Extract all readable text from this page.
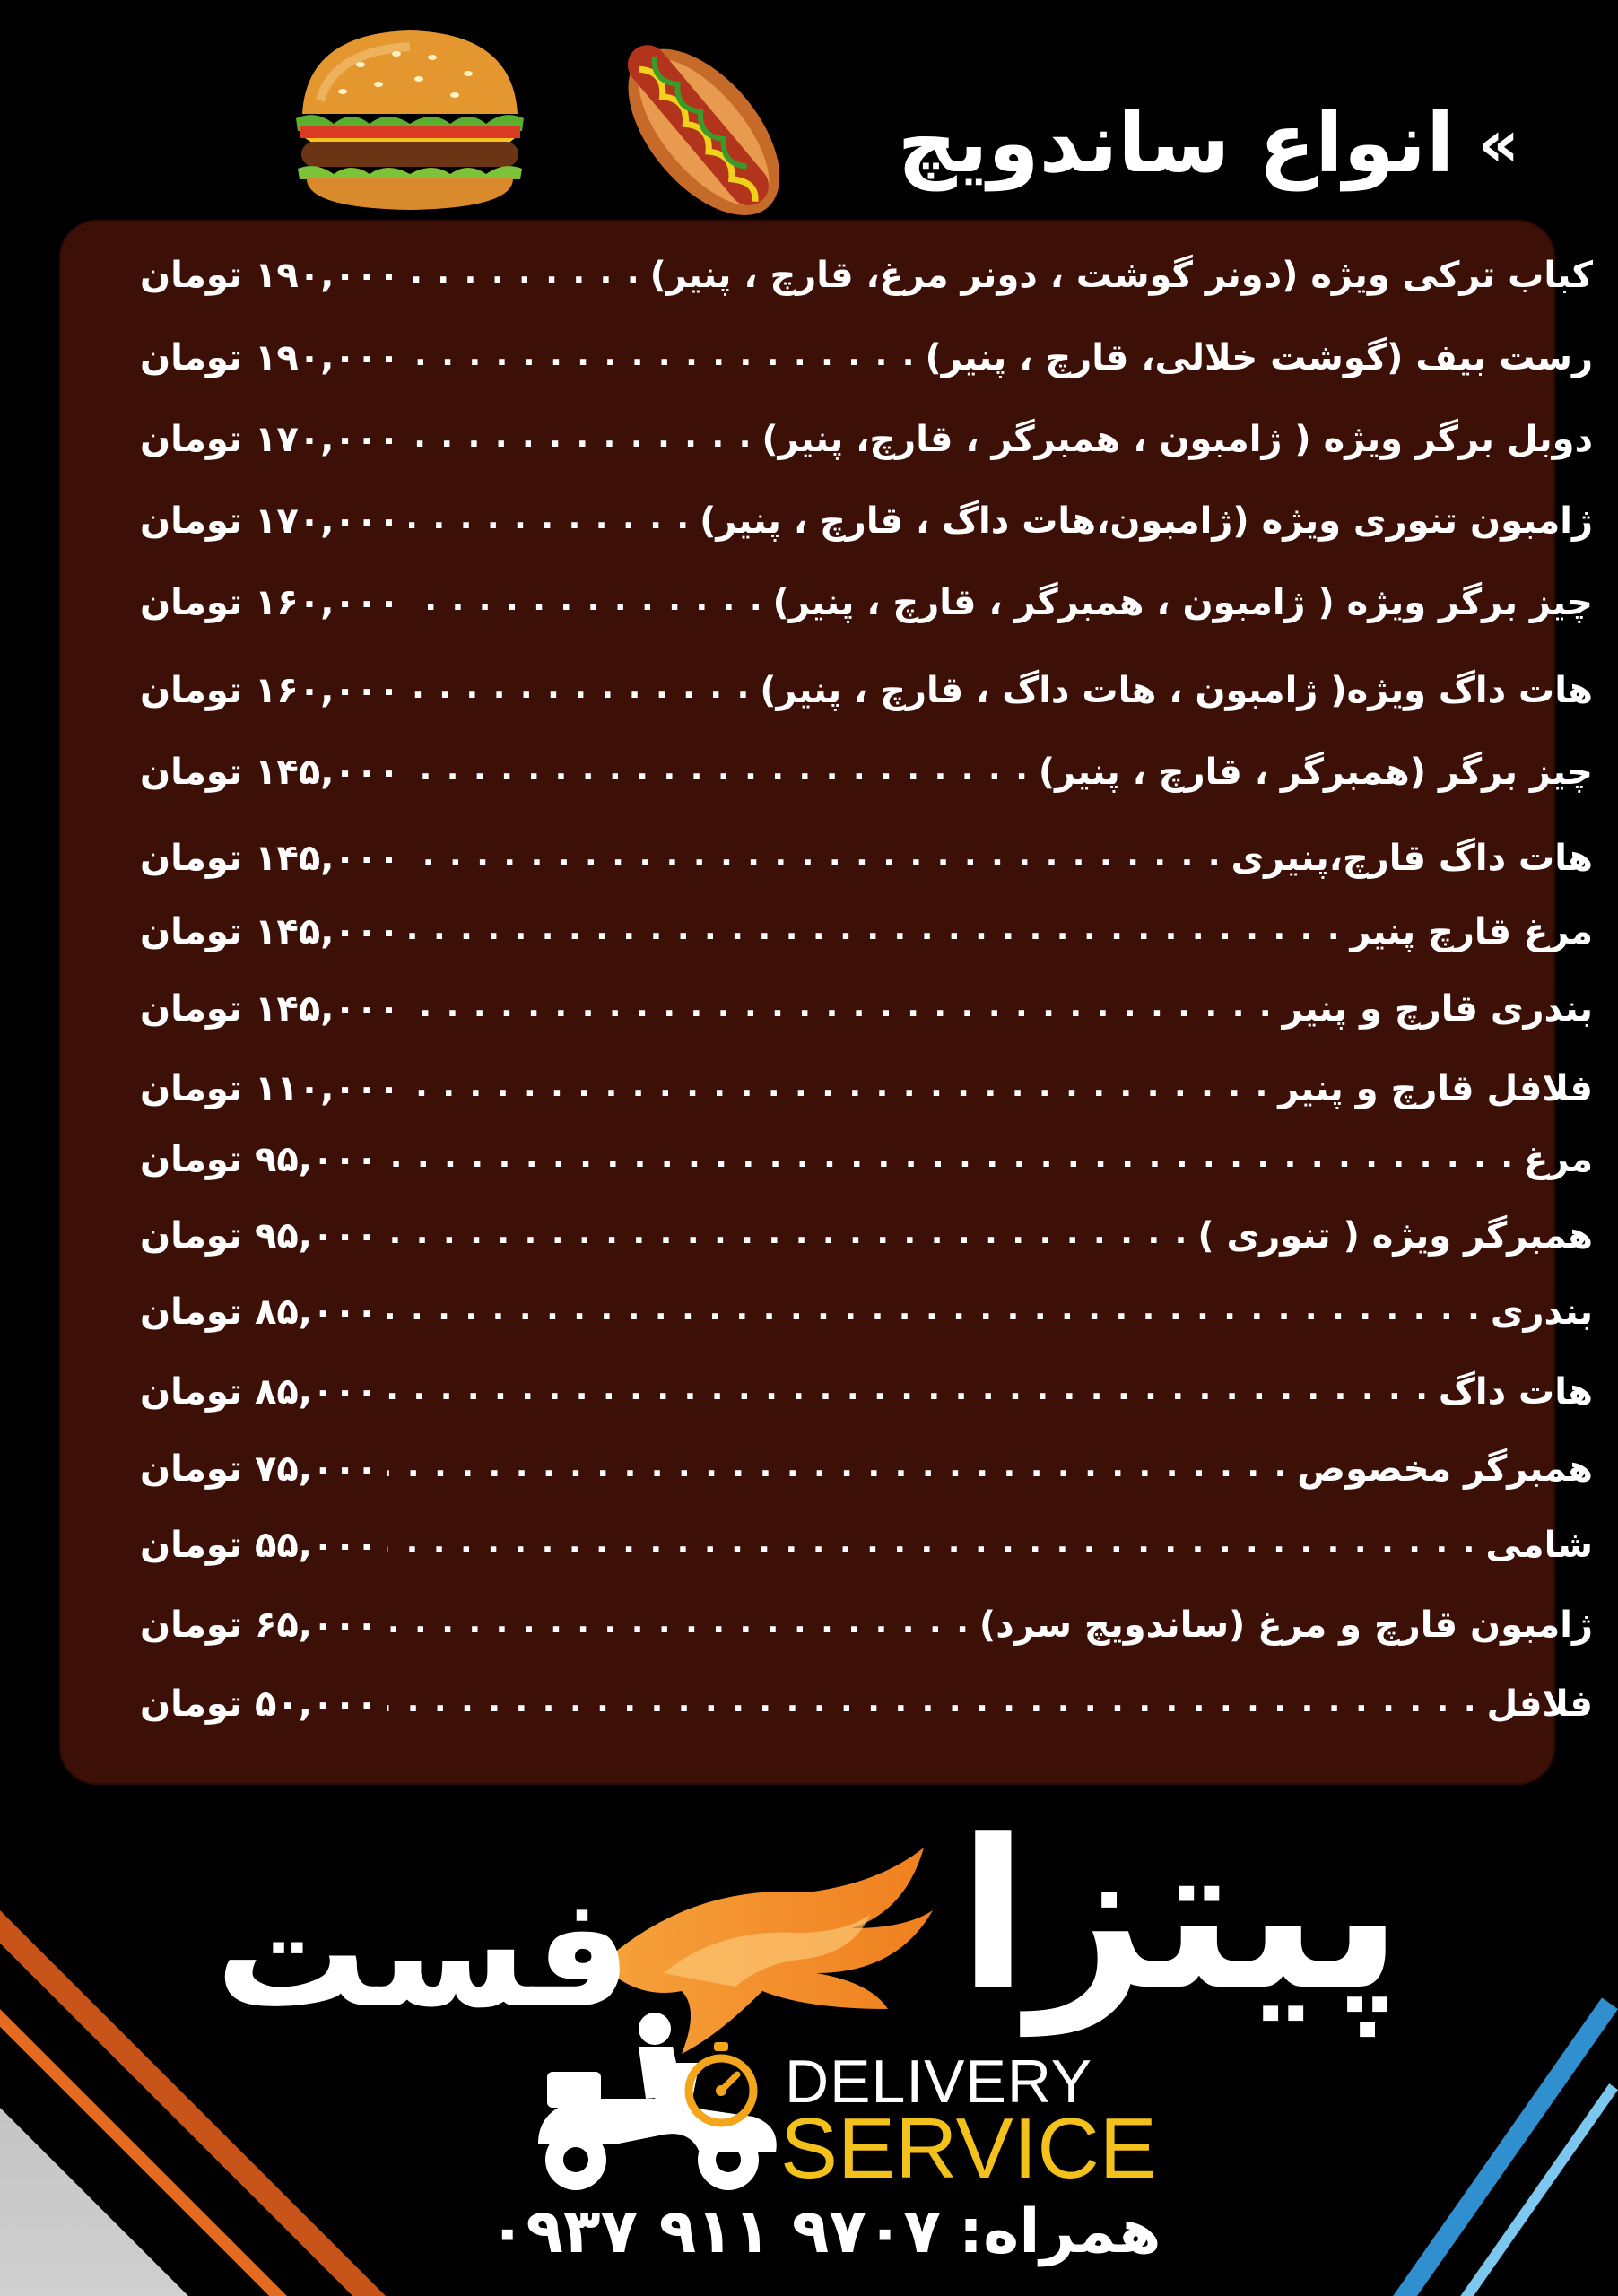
»
انواع ساندویچ
کباب ترکی ویژه (دونر گوشت ، دونر مرغ، قارچ ، پنیر)
. . .
۱۹۰,۰۰۰ تومان
رست بیف (گوشت خلالی، قارچ ، پنیر)
. . .
۱۹۰,۰۰۰ تومان
دوبل برگر ویژه ( ژامبون ، همبرگر ، قارچ، پنیر)
. . .
۱۷۰,۰۰۰ تومان
ژامبون تنوری ویژه (ژامبون،هات داگ ، قارچ ، پنیر)
. . .
۱۷۰,۰۰۰ تومان
چیز برگر ویژه ( ژامبون ، همبرگر ، قارچ ، پنیر)
. . .
۱۶۰,۰۰۰ تومان
هات داگ ویژه( ژامبون ، هات داگ ، قارچ ، پنیر)
. . .
۱۶۰,۰۰۰ تومان
چیز برگر (همبرگر ، قارچ ، پنیر)
. . .
۱۴۵,۰۰۰ تومان
هات داگ قارچ،پنیری
. . .
۱۴۵,۰۰۰ تومان
مرغ قارچ پنیر
. . .
۱۴۵,۰۰۰ تومان
بندری قارچ و پنیر
. . .
۱۴۵,۰۰۰ تومان
فلافل قارچ و پنیر
. . .
۱۱۰,۰۰۰ تومان
مرغ
. . .
۹۵,۰۰۰ تومان
همبرگر ویژه ( تنوری )
. . .
۹۵,۰۰۰ تومان
بندری
. . .
۸۵,۰۰۰ تومان
هات داگ
. . .
۸۵,۰۰۰ تومان
همبرگر مخصوص
. . .
۷۵,۰۰۰ تومان
شامی
. . .
۵۵,۰۰۰ تومان
ژامبون قارچ و مرغ (ساندویچ سرد)
. . .
۶۵,۰۰۰ تومان
فلافل
. . .
۵۰,۰۰۰ تومان
پیتزا
فست
DELIVERY
SERVICE
همراه:
۰۹۳۷ ۹۱۱ ۹۷۰۷
